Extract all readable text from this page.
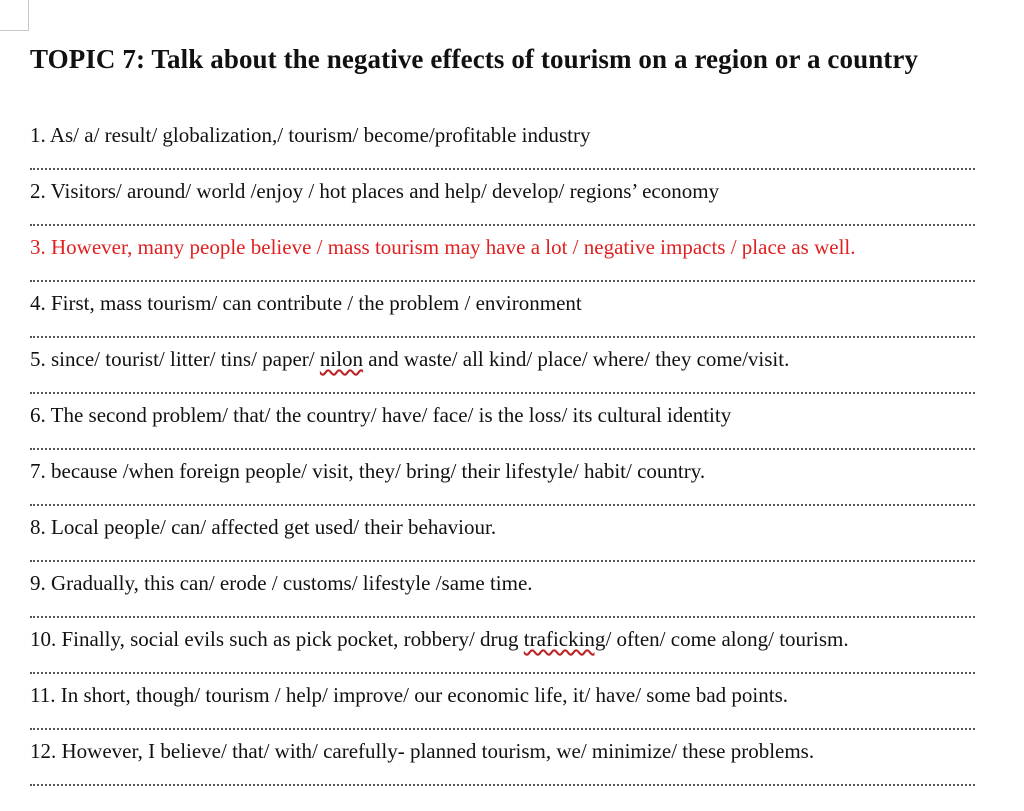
TOPIC 7: Talk about the negative effects of tourism on a region or a country
1. As/ a/ result/ globalization,/ tourism/ become/profitable industry
2. Visitors/ around/ world /enjoy / hot places and help/ develop/ regions’ economy
3. However, many people believe / mass tourism may have a lot / negative impacts / place as well.
4. First, mass tourism/ can contribute / the problem / environment
5. since/ tourist/ litter/ tins/ paper/ nilon and waste/ all kind/ place/ where/ they come/visit.
6. The second problem/ that/ the country/ have/ face/ is the loss/ its cultural identity
7. because /when foreign people/ visit, they/ bring/ their lifestyle/ habit/ country.
8. Local people/ can/ affected get used/ their behaviour.
9. Gradually, this can/ erode / customs/ lifestyle /same time.
10. Finally, social evils such as pick pocket, robbery/ drug traficking/ often/ come along/ tourism.
11. In short, though/ tourism / help/ improve/ our economic life, it/ have/ some bad points.
12. However, I believe/ that/ with/ carefully- planned tourism, we/ minimize/ these problems.
